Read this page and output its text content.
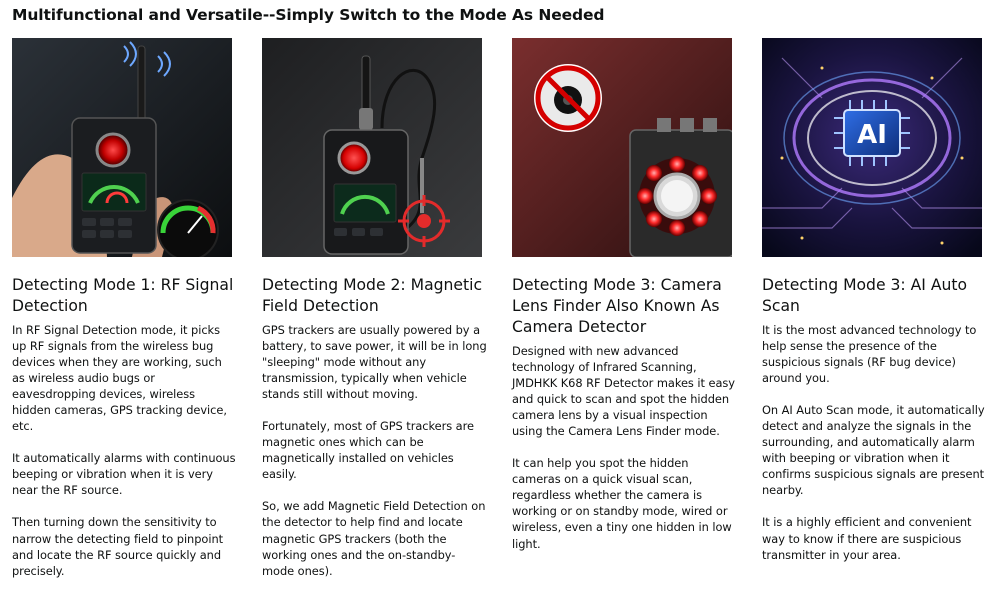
Multifunctional and Versatile--Simply Switch to the Mode As Needed
Detecting Mode 1: RF Signal Detection

In RF Signal Detection mode, it picks up RF signals from the wireless bug devices when they are working, such as wireless audio bugs or eavesdropping devices, wireless hidden cameras, GPS tracking device, etc.

It automatically alarms with continuous beeping or vibration when it is very near the RF source.

Then turning down the sensitivity to narrow the detecting field to pinpoint and locate the RF source quickly and precisely.

Detecting Mode 2: Magnetic Field Detection

GPS trackers are usually powered by a battery, to save power, it will be in long "sleeping" mode without any transmission, typically when vehicle stands still without moving.

Fortunately, most of GPS trackers are magnetic ones which can be magnetically installed on vehicles easily.

So, we add Magnetic Field Detection on the detector to help find and locate magnetic GPS trackers (both the working ones and the on-standby-mode ones).

Detecting Mode 3: Camera Lens Finder Also Known As Camera Detector

Designed with new advanced technology of Infrared Scanning, JMDHKK K68 RF Detector makes it easy and quick to scan and spot the hidden camera lens by a visual inspection using the Camera Lens Finder mode.

It can help you spot the hidden cameras on a quick visual scan, regardless whether the camera is working or on standby mode, wired or wireless, even a tiny one hidden in low light.

AI
Detecting Mode 3: AI Auto Scan

It is the most advanced technology to help sense the presence of the suspicious signals (RF bug device) around you.

On AI Auto Scan mode, it automatically detect and analyze the signals in the surrounding, and automatically alarm with beeping or vibration when it confirms suspicious signals are present nearby.

It is a highly efficient and convenient way to know if there are suspicious transmitter in your area.
